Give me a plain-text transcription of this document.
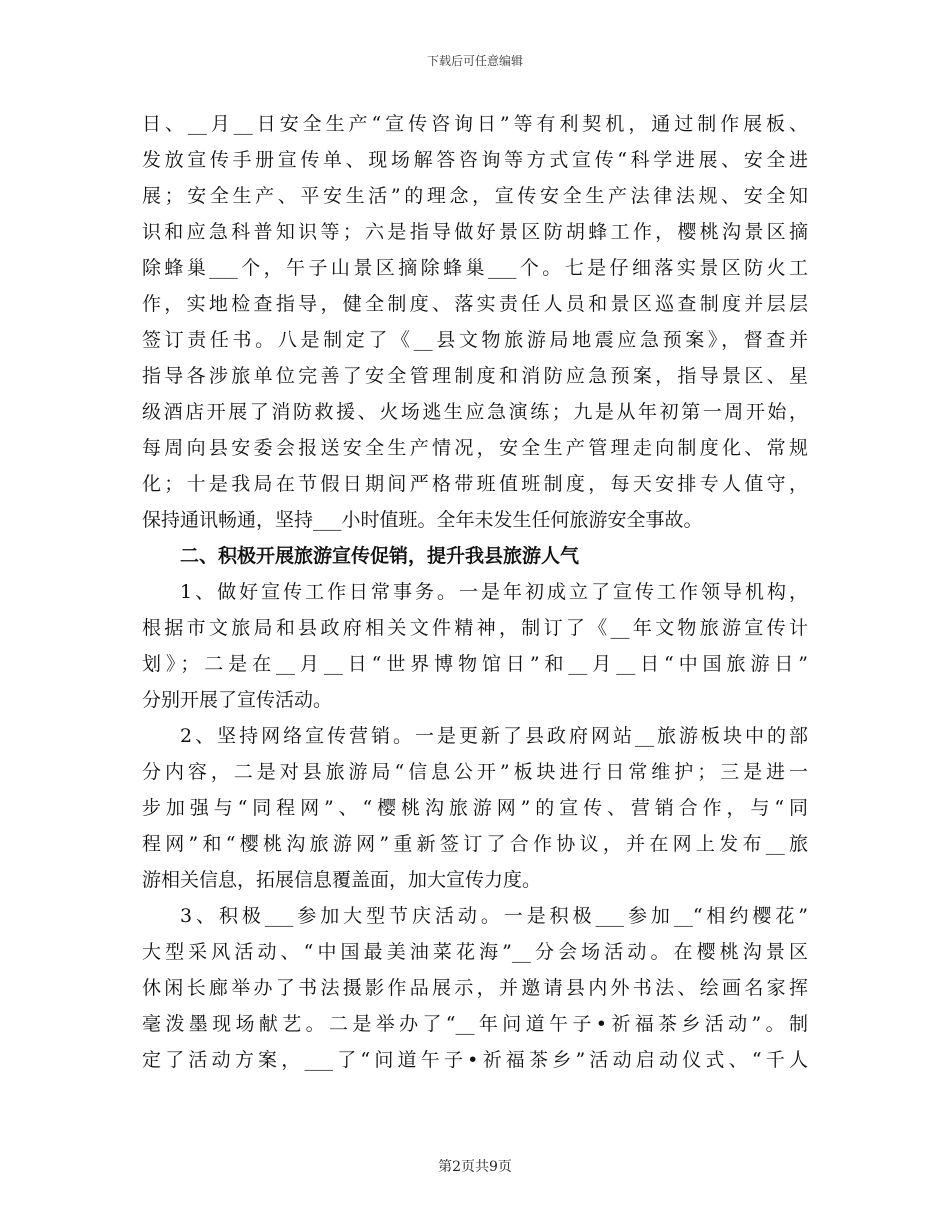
下载后可任意编辑
日、__月__日安全生产“宣传咨询日”等有利契机，通过制作展板、
发放宣传手册宣传单、现场解答咨询等方式宣传“科学进展、安全进
展；安全生产、平安生活”的理念，宣传安全生产法律法规、安全知
识和应急科普知识等；六是指导做好景区防胡蜂工作，樱桃沟景区摘
除蜂巢___个，午子山景区摘除蜂巢___个。七是仔细落实景区防火工
作，实地检查指导，健全制度、落实责任人员和景区巡查制度并层层
签订责任书。八是制定了《__县文物旅游局地震应急预案》，督查并
指导各涉旅单位完善了安全管理制度和消防应急预案，指导景区、星
级酒店开展了消防救援、火场逃生应急演练；九是从年初第一周开始，
每周向县安委会报送安全生产情况，安全生产管理走向制度化、常规
化；十是我局在节假日期间严格带班值班制度，每天安排专人值守，
保持通讯畅通，坚持___小时值班。全年未发生任何旅游安全事故。
二、积极开展旅游宣传促销，提升我县旅游人气
1、做好宣传工作日常事务。一是年初成立了宣传工作领导机构，
根据市文旅局和县政府相关文件精神，制订了《__年文物旅游宣传计
划》；二是在__月__日“世界博物馆日”和__月__日“中国旅游日”
分别开展了宣传活动。
2、坚持网络宣传营销。一是更新了县政府网站__旅游板块中的部
分内容，二是对县旅游局“信息公开”板块进行日常维护；三是进一
步加强与“同程网”、“樱桃沟旅游网”的宣传、营销合作，与“同
程网”和“樱桃沟旅游网”重新签订了合作协议，并在网上发布__旅
游相关信息，拓展信息覆盖面，加大宣传力度。
3、积极___参加大型节庆活动。一是积极___参加__“相约樱花”
大型采风活动、“中国最美油菜花海”__分会场活动。在樱桃沟景区
休闲长廊举办了书法摄影作品展示，并邀请县内外书法、绘画名家挥
毫泼墨现场献艺。二是举办了“__年问道午子•祈福茶乡活动”。制
定了活动方案，___了“问道午子•祈福茶乡”活动启动仪式、“千人
第2页共9页
